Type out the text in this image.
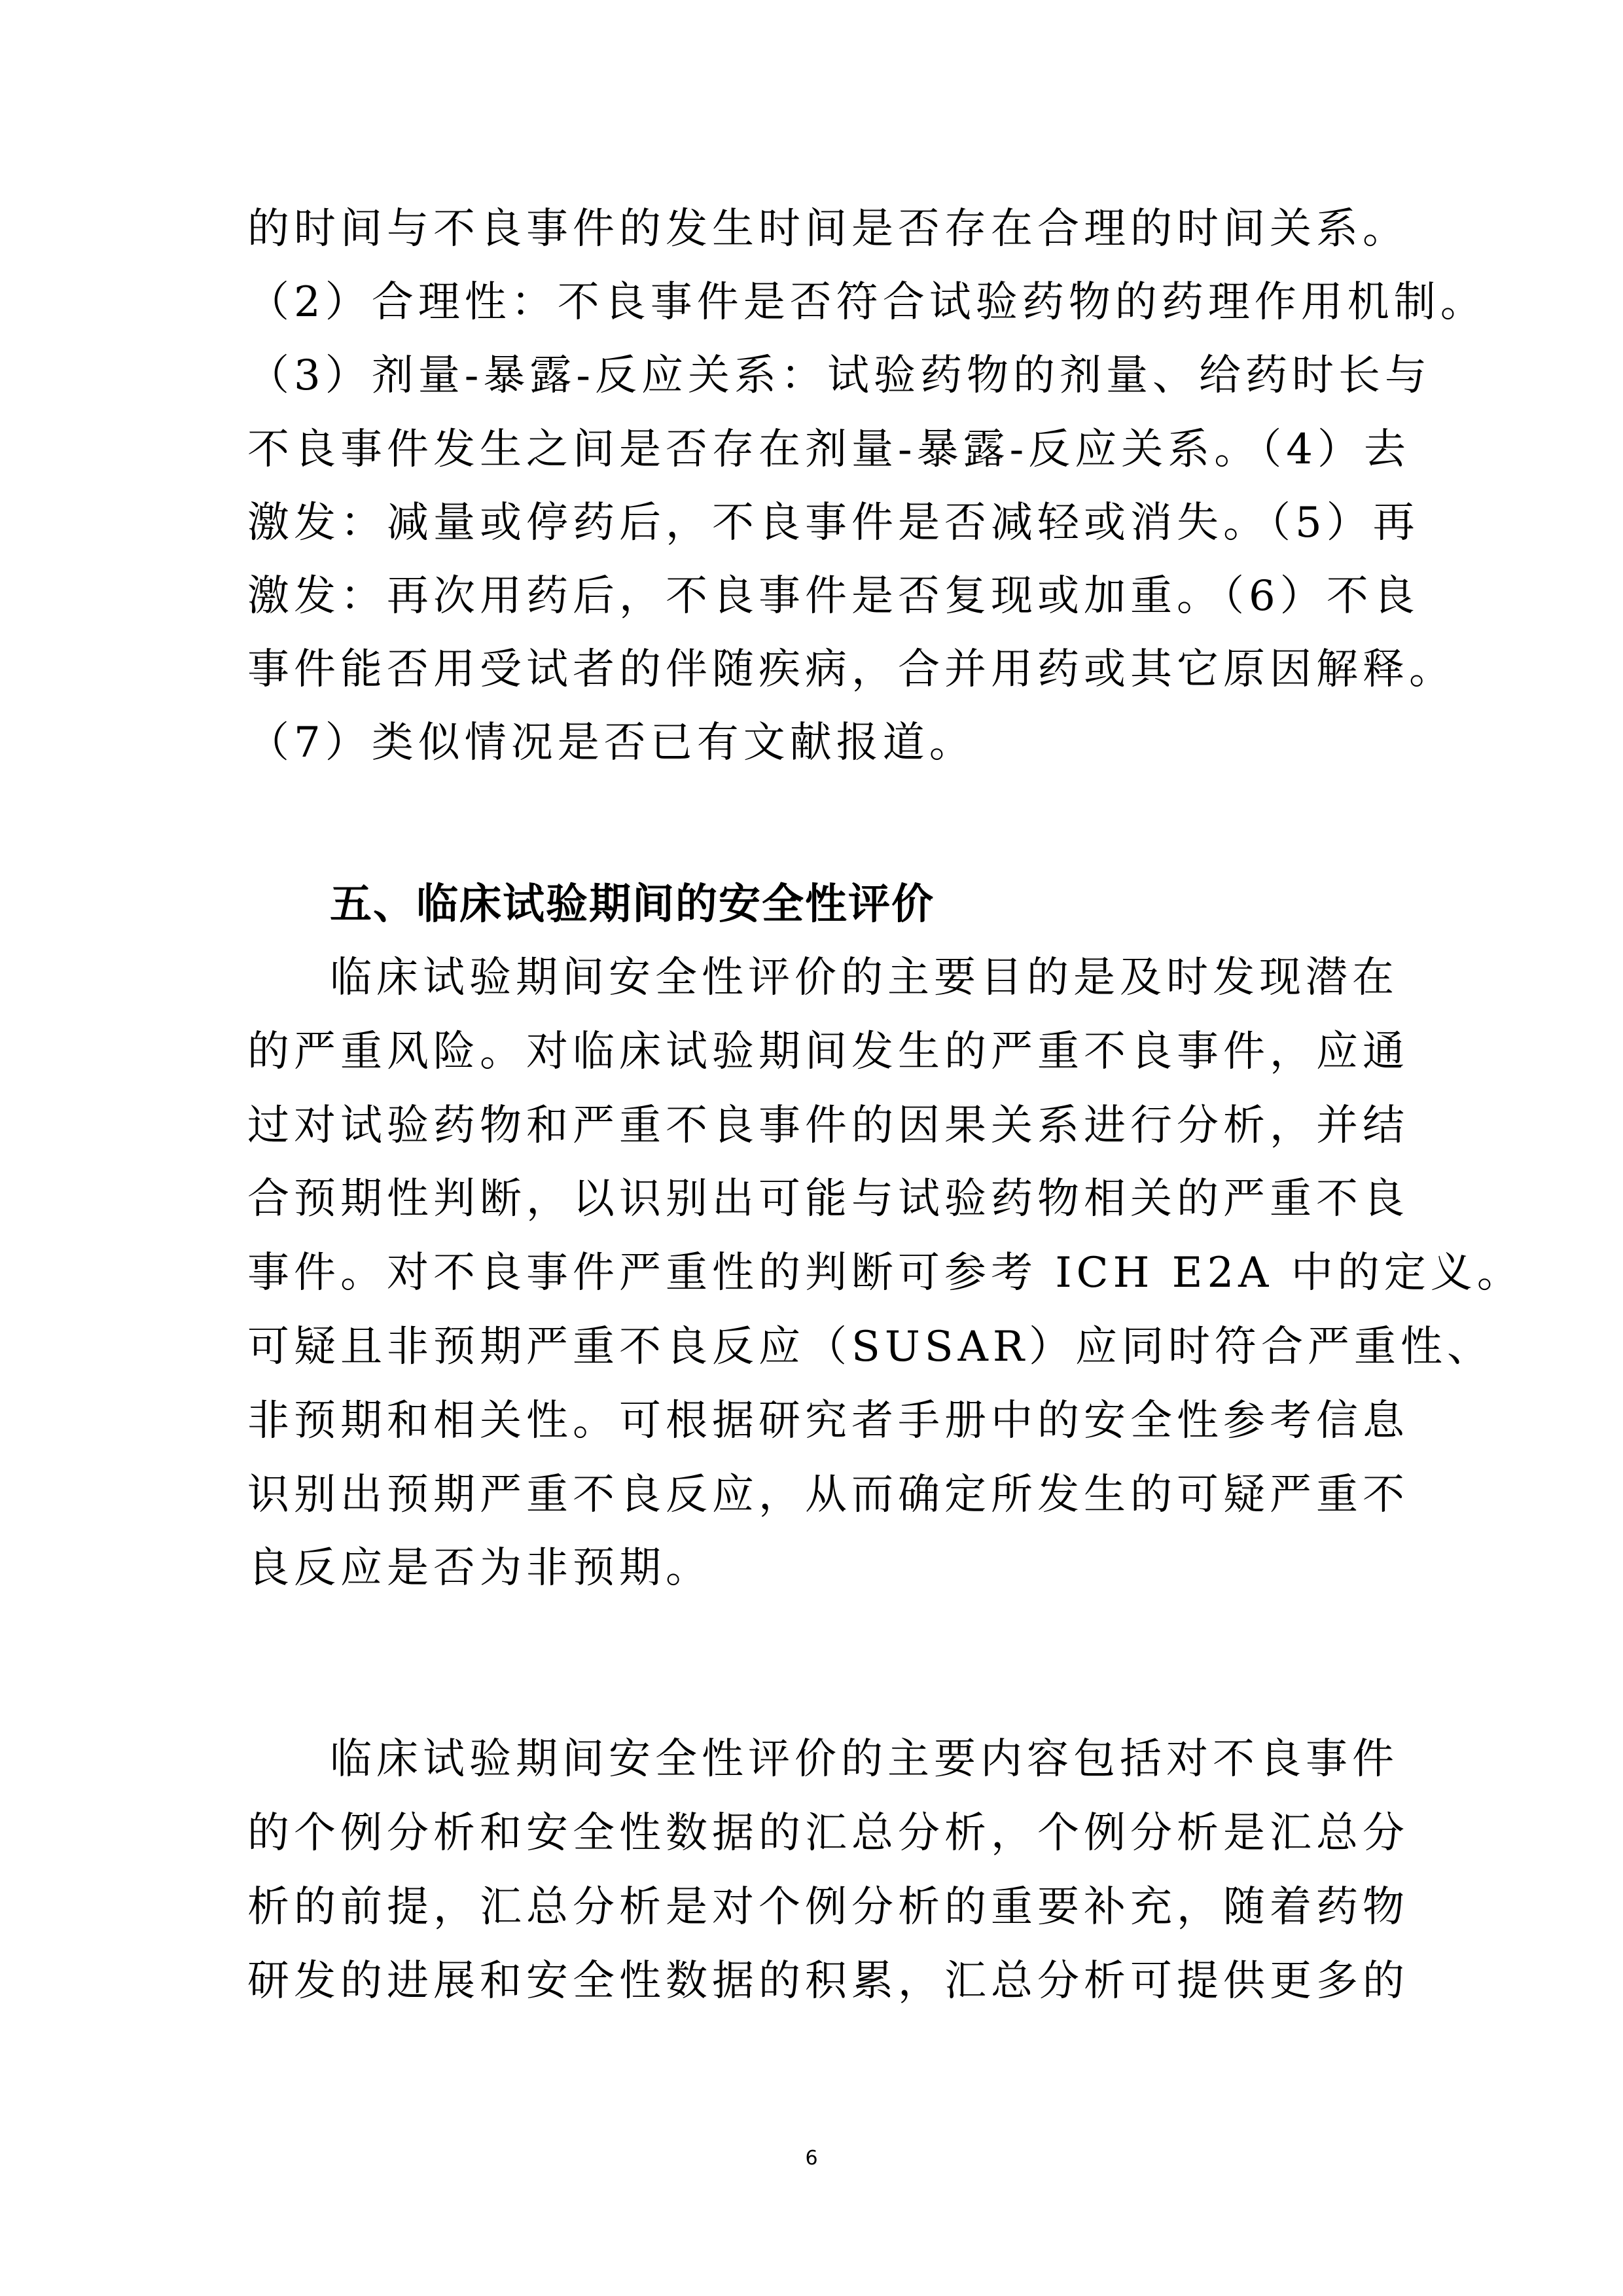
的时间与不良事件的发生时间是否存在合理的时间关系。
（2）合理性：不良事件是否符合试验药物的药理作用机制。
（3）剂量-暴露-反应关系：试验药物的剂量、给药时长与
不良事件发生之间是否存在剂量-暴露-反应关系。（4）去
激发：减量或停药后，不良事件是否减轻或消失。（5）再
激发：再次用药后，不良事件是否复现或加重。（6）不良
事件能否用受试者的伴随疾病，合并用药或其它原因解释。
（7）类似情况是否已有文献报道。
五、临床试验期间的安全性评价
临床试验期间安全性评价的主要目的是及时发现潜在
的严重风险。对临床试验期间发生的严重不良事件，应通
过对试验药物和严重不良事件的因果关系进行分析，并结
合预期性判断，以识别出可能与试验药物相关的严重不良
事件。对不良事件严重性的判断可参考 ICH E2A 中的定义。
可疑且非预期严重不良反应（SUSAR）应同时符合严重性、
非预期和相关性。可根据研究者手册中的安全性参考信息
识别出预期严重不良反应，从而确定所发生的可疑严重不
良反应是否为非预期。
临床试验期间安全性评价的主要内容包括对不良事件
的个例分析和安全性数据的汇总分析，个例分析是汇总分
析的前提，汇总分析是对个例分析的重要补充，随着药物
研发的进展和安全性数据的积累，汇总分析可提供更多的
6
